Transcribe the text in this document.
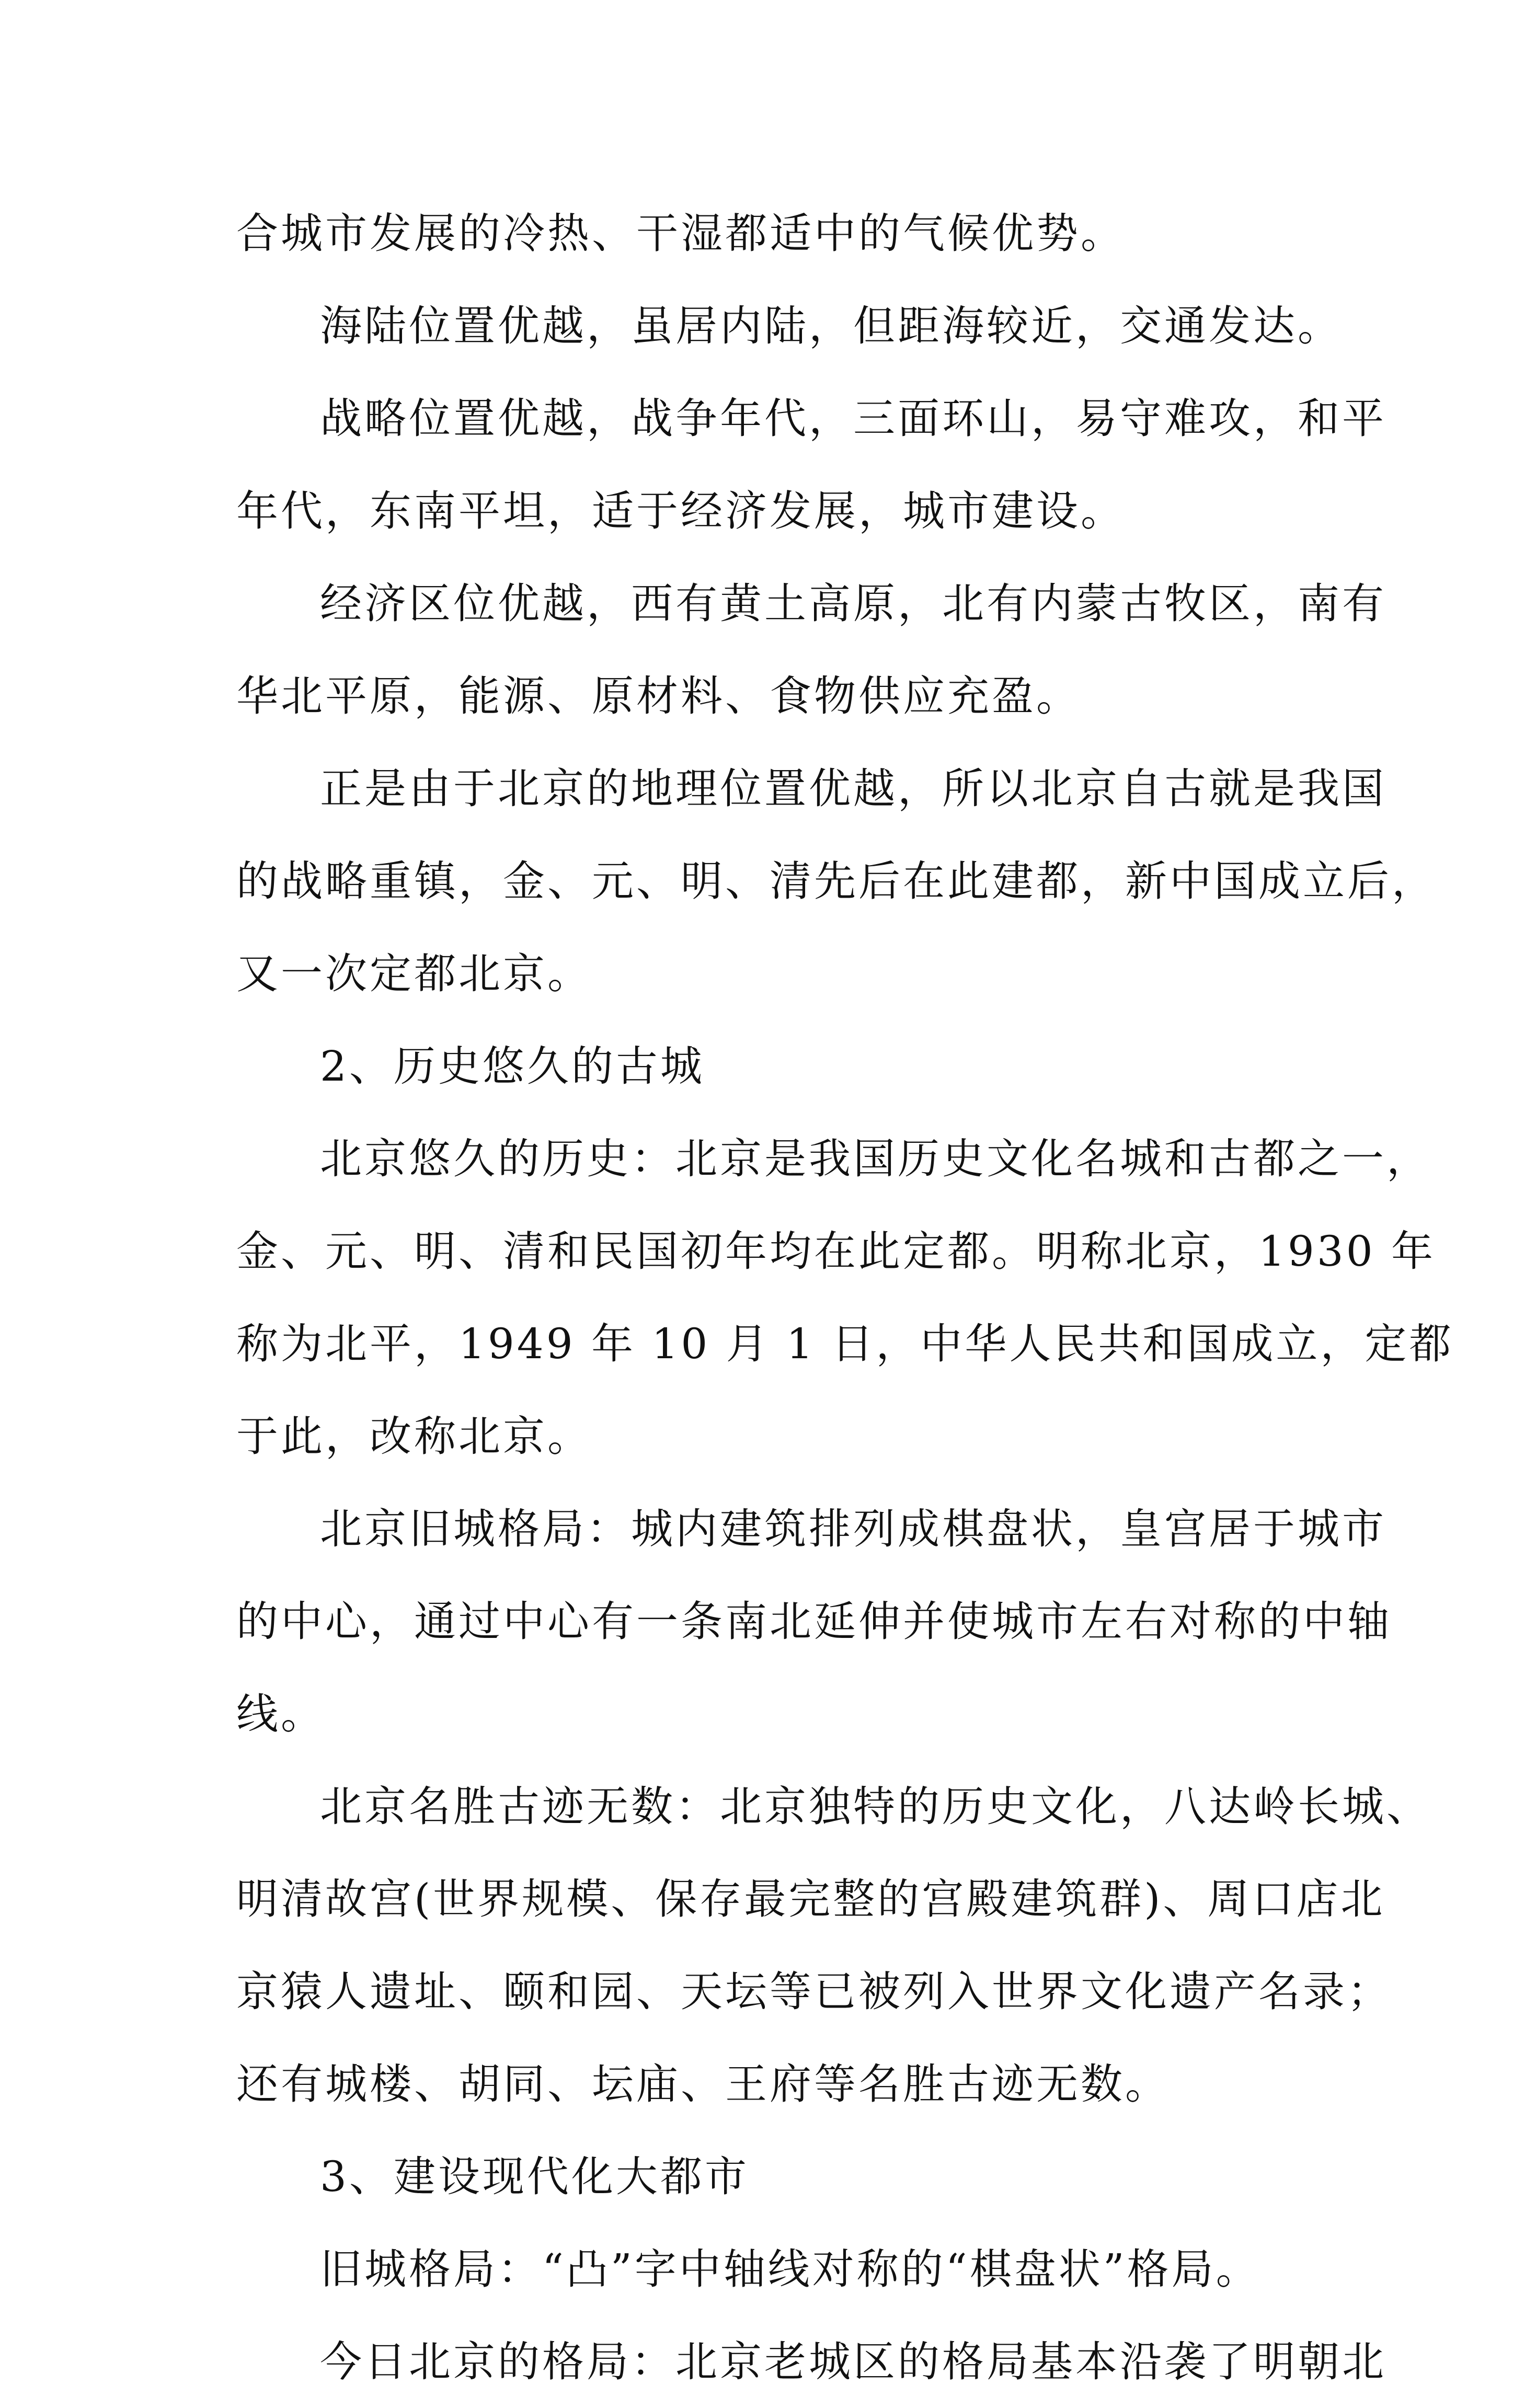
合城市发展的冷热、干湿都适中的气候优势。
海陆位置优越，虽居内陆，但距海较近，交通发达。
战略位置优越，战争年代，三面环山，易守难攻，和平
年代，东南平坦，适于经济发展，城市建设。
经济区位优越，西有黄土高原，北有内蒙古牧区，南有
华北平原，能源、原材料、食物供应充盈。
正是由于北京的地理位置优越，所以北京自古就是我国
的战略重镇，金、元、明、清先后在此建都，新中国成立后，
又一次定都北京。
2、历史悠久的古城
北京悠久的历史：北京是我国历史文化名城和古都之一，
金、元、明、清和民国初年均在此定都。明称北京，1930 年
称为北平，1949 年 10 月 1 日，中华人民共和国成立，定都
于此，改称北京。
北京旧城格局：城内建筑排列成棋盘状，皇宫居于城市
的中心，通过中心有一条南北延伸并使城市左右对称的中轴
线。
北京名胜古迹无数：北京独特的历史文化，八达岭长城、
明清故宫(世界规模、保存最完整的宫殿建筑群)、周口店北
京猿人遗址、颐和园、天坛等已被列入世界文化遗产名录；
还有城楼、胡同、坛庙、王府等名胜古迹无数。
3、建设现代化大都市
旧城格局：“凸”字中轴线对称的“棋盘状”格局。
今日北京的格局：北京老城区的格局基本沿袭了明朝北
